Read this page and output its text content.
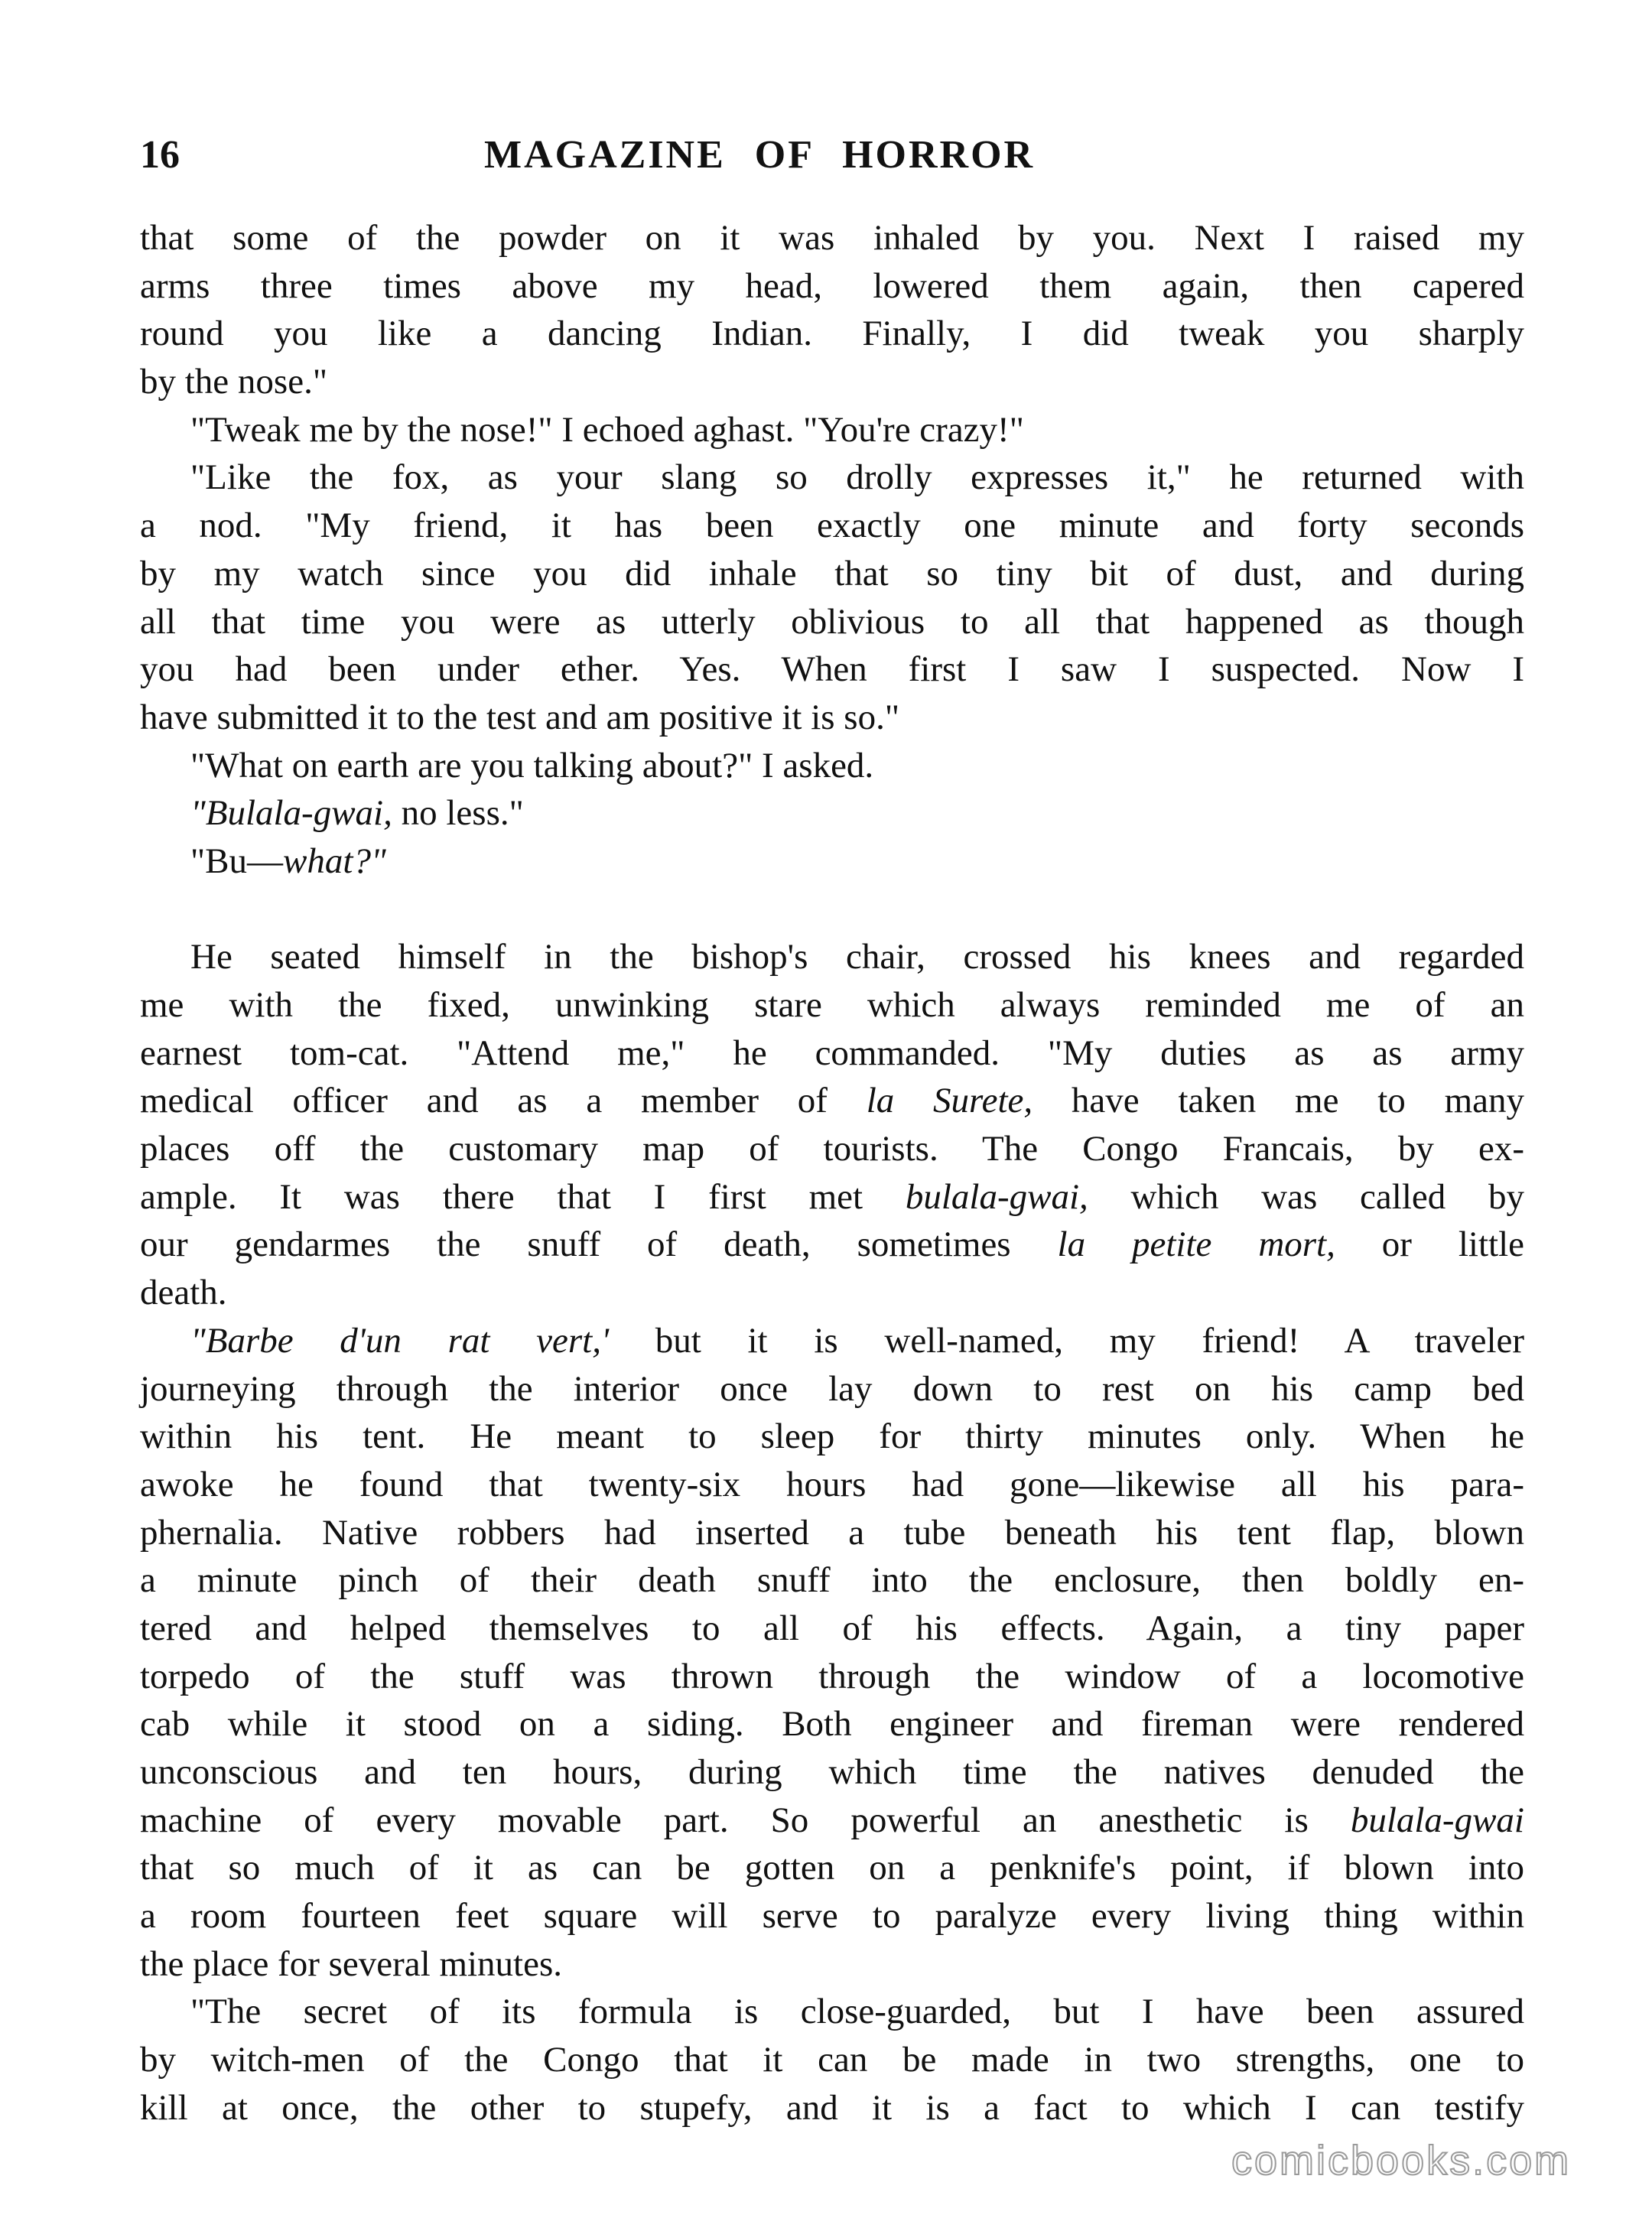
16	MAGAZINE OF HORROR
that some of the powder on it was inhaled by you. Next I raised my
arms three times above my head, lowered them again, then capered
round you like a dancing Indian. Finally, I did tweak you sharply
by the nose."
"Tweak me by the nose!" I echoed aghast. "You're crazy!"
"Like the fox, as your slang so drolly expresses it," he returned with
a nod. "My friend, it has been exactly one minute and forty seconds
by my watch since you did inhale that so tiny bit of dust, and during
all that time you were as utterly oblivious to all that happened as though
you had been under ether. Yes. When first I saw I suspected. Now I
have submitted it to the test and am positive it is so."
"What on earth are you talking about?" I asked.
"Bulala-gwai, no less."
"Bu—what?"
He seated himself in the bishop's chair, crossed his knees and regarded
me with the fixed, unwinking stare which always reminded me of an
earnest tom-cat. "Attend me," he commanded. "My duties as as army
medical officer and as a member of la Surete, have taken me to many
places off the customary map of tourists. The Congo Francais, by ex-
ample. It was there that I first met bulala-gwai, which was called by
our gendarmes the snuff of death, sometimes la petite mort, or little
death.
"Barbe d'un rat vert,' but it is well-named, my friend! A traveler
journeying through the interior once lay down to rest on his camp bed
within his tent. He meant to sleep for thirty minutes only. When he
awoke he found that twenty-six hours had gone—likewise all his para-
phernalia. Native robbers had inserted a tube beneath his tent flap, blown
a minute pinch of their death snuff into the enclosure, then boldly en-
tered and helped themselves to all of his effects. Again, a tiny paper
torpedo of the stuff was thrown through the window of a locomotive
cab while it stood on a siding. Both engineer and fireman were rendered
unconscious and ten hours, during which time the natives denuded the
machine of every movable part. So powerful an anesthetic is bulala-gwai
that so much of it as can be gotten on a penknife's point, if blown into
a room fourteen feet square will serve to paralyze every living thing within
the place for several minutes.
"The secret of its formula is close-guarded, but I have been assured
by witch-men of the Congo that it can be made in two strengths, one to
kill at once, the other to stupefy, and it is a fact to which I can testify
comicbooks.com
